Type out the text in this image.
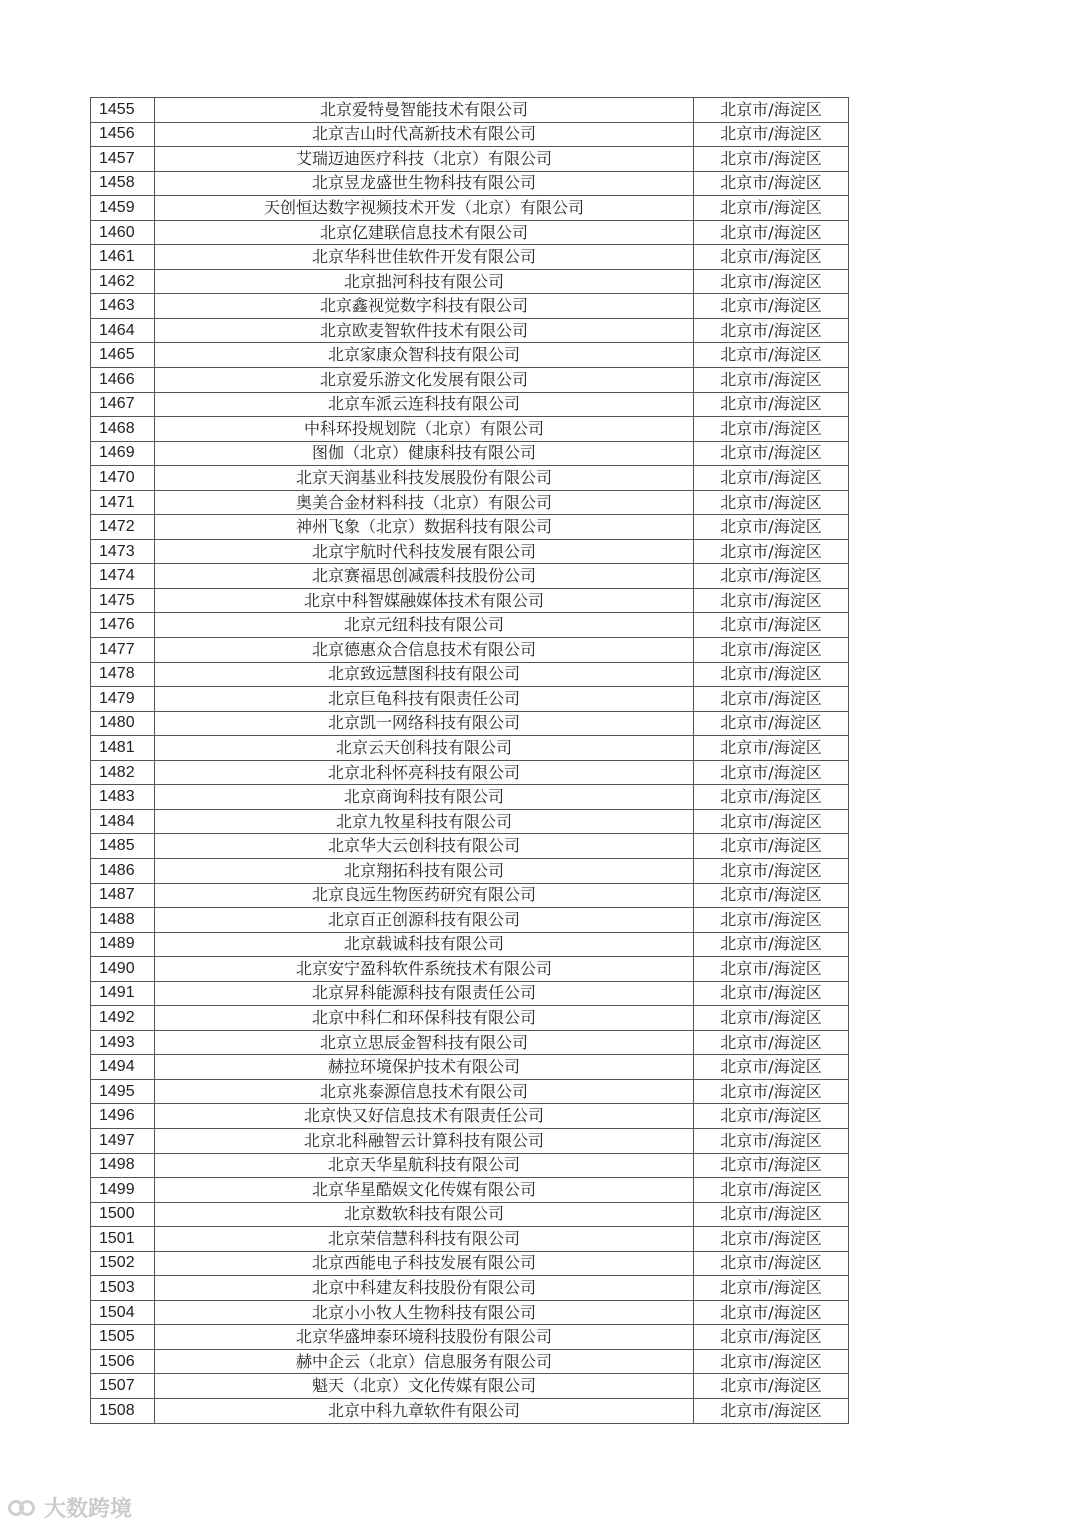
1455	北京爱特曼智能技术有限公司	北京市/海淀区
1456	北京吉山时代高新技术有限公司	北京市/海淀区
1457	艾瑞迈迪医疗科技（北京）有限公司	北京市/海淀区
1458	北京昱龙盛世生物科技有限公司	北京市/海淀区
1459	天创恒达数字视频技术开发（北京）有限公司	北京市/海淀区
1460	北京亿建联信息技术有限公司	北京市/海淀区
1461	北京华科世佳软件开发有限公司	北京市/海淀区
1462	北京拙河科技有限公司	北京市/海淀区
1463	北京鑫视觉数字科技有限公司	北京市/海淀区
1464	北京欧麦智软件技术有限公司	北京市/海淀区
1465	北京家康众智科技有限公司	北京市/海淀区
1466	北京爱乐游文化发展有限公司	北京市/海淀区
1467	北京车派云连科技有限公司	北京市/海淀区
1468	中科环投规划院（北京）有限公司	北京市/海淀区
1469	图伽（北京）健康科技有限公司	北京市/海淀区
1470	北京天润基业科技发展股份有限公司	北京市/海淀区
1471	奥美合金材料科技（北京）有限公司	北京市/海淀区
1472	神州飞象（北京）数据科技有限公司	北京市/海淀区
1473	北京宇航时代科技发展有限公司	北京市/海淀区
1474	北京赛福思创减震科技股份公司	北京市/海淀区
1475	北京中科智媒融媒体技术有限公司	北京市/海淀区
1476	北京元纽科技有限公司	北京市/海淀区
1477	北京德惠众合信息技术有限公司	北京市/海淀区
1478	北京致远慧图科技有限公司	北京市/海淀区
1479	北京巨龟科技有限责任公司	北京市/海淀区
1480	北京凯一网络科技有限公司	北京市/海淀区
1481	北京云天创科技有限公司	北京市/海淀区
1482	北京北科怀亮科技有限公司	北京市/海淀区
1483	北京商询科技有限公司	北京市/海淀区
1484	北京九牧星科技有限公司	北京市/海淀区
1485	北京华大云创科技有限公司	北京市/海淀区
1486	北京翔拓科技有限公司	北京市/海淀区
1487	北京良远生物医药研究有限公司	北京市/海淀区
1488	北京百正创源科技有限公司	北京市/海淀区
1489	北京载诚科技有限公司	北京市/海淀区
1490	北京安宁盈科软件系统技术有限公司	北京市/海淀区
1491	北京昇科能源科技有限责任公司	北京市/海淀区
1492	北京中科仁和环保科技有限公司	北京市/海淀区
1493	北京立思辰金智科技有限公司	北京市/海淀区
1494	赫拉环境保护技术有限公司	北京市/海淀区
1495	北京兆泰源信息技术有限公司	北京市/海淀区
1496	北京快又好信息技术有限责任公司	北京市/海淀区
1497	北京北科融智云计算科技有限公司	北京市/海淀区
1498	北京天华星航科技有限公司	北京市/海淀区
1499	北京华星酷娱文化传媒有限公司	北京市/海淀区
1500	北京数软科技有限公司	北京市/海淀区
1501	北京荣信慧科科技有限公司	北京市/海淀区
1502	北京西能电子科技发展有限公司	北京市/海淀区
1503	北京中科建友科技股份有限公司	北京市/海淀区
1504	北京小小牧人生物科技有限公司	北京市/海淀区
1505	北京华盛坤泰环境科技股份有限公司	北京市/海淀区
1506	赫中企云（北京）信息服务有限公司	北京市/海淀区
1507	魁天（北京）文化传媒有限公司	北京市/海淀区
1508	北京中科九章软件有限公司	北京市/海淀区
大数跨境
